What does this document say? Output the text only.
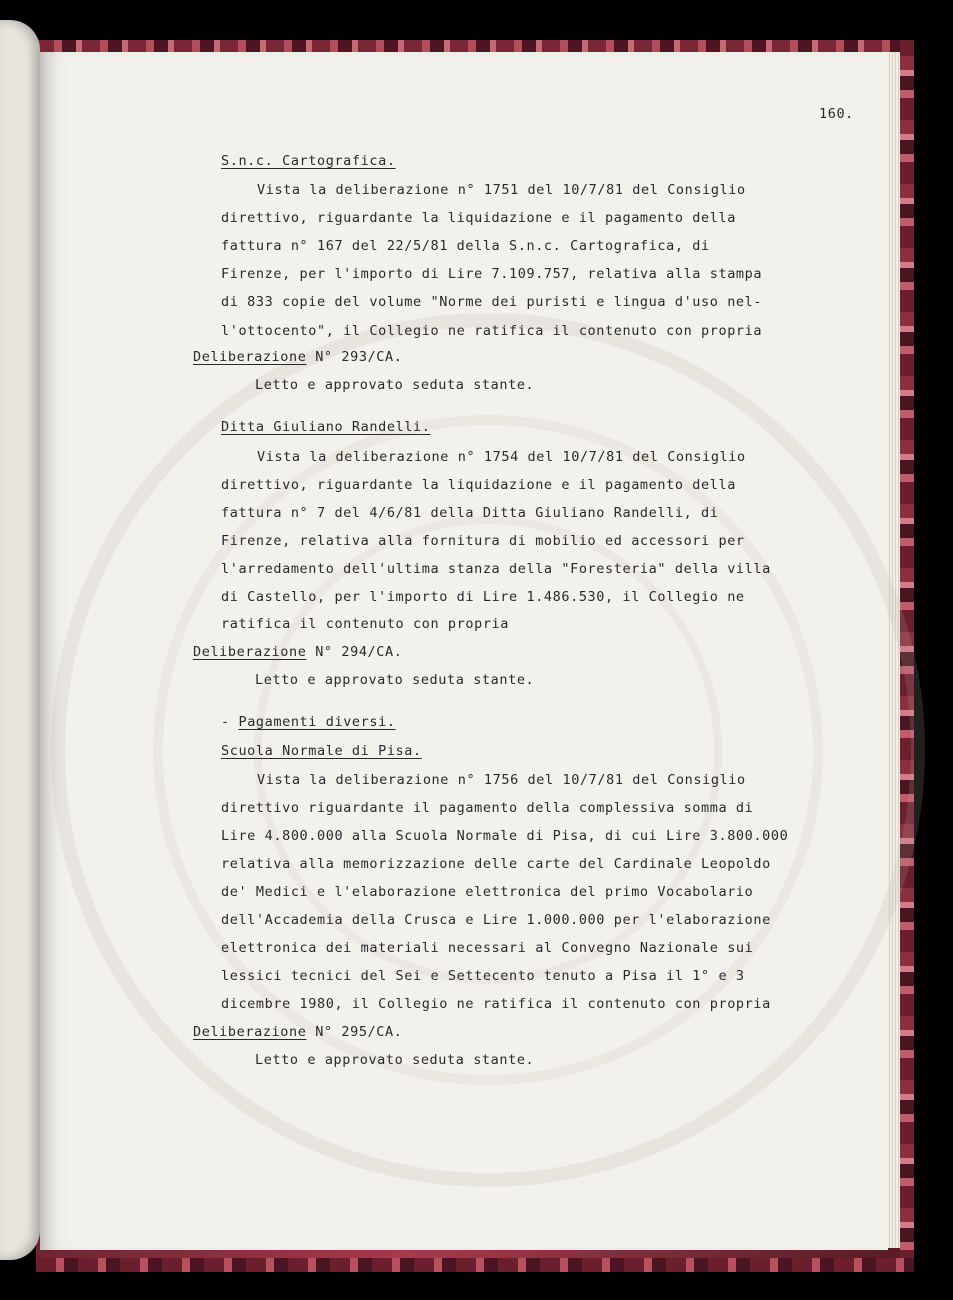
160.
S.n.c. Cartografica.
Vista la deliberazione n° 1751 del 10/7/81 del Consiglio
direttivo, riguardante la liquidazione e il pagamento della
fattura n° 167 del 22/5/81 della S.n.c. Cartografica, di
Firenze, per l'importo di Lire 7.109.757, relativa alla stampa
di 833 copie del volume "Norme dei puristi e lingua d'uso nel-
l'ottocento", il Collegio ne ratifica il contenuto con propria
Deliberazione N° 293/CA.
Letto e approvato seduta stante.
Ditta Giuliano Randelli.
Vista la deliberazione n° 1754 del 10/7/81 del Consiglio
direttivo, riguardante la liquidazione e il pagamento della
fattura n° 7 del 4/6/81 della Ditta Giuliano Randelli, di
Firenze, relativa alla fornitura di mobilio ed accessori per
l'arredamento dell'ultima stanza della "Foresteria" della villa
di Castello, per l'importo di Lire 1.486.530, il Collegio ne
ratifica il contenuto con propria
Deliberazione N° 294/CA.
Letto e approvato seduta stante.
- Pagamenti diversi.
Scuola Normale di Pisa.
Vista la deliberazione n° 1756 del 10/7/81 del Consiglio
direttivo riguardante il pagamento della complessiva somma di
Lire 4.800.000 alla Scuola Normale di Pisa, di cui Lire 3.800.000
relativa alla memorizzazione delle carte del Cardinale Leopoldo
de' Medici e l'elaborazione elettronica del primo Vocabolario
dell'Accademia della Crusca e Lire 1.000.000 per l'elaborazione
elettronica dei materiali necessari al Convegno Nazionale sui
lessici tecnici del Sei e Settecento tenuto a Pisa il 1° e 3
dicembre 1980, il Collegio ne ratifica il contenuto con propria
Deliberazione N° 295/CA.
Letto e approvato seduta stante.
